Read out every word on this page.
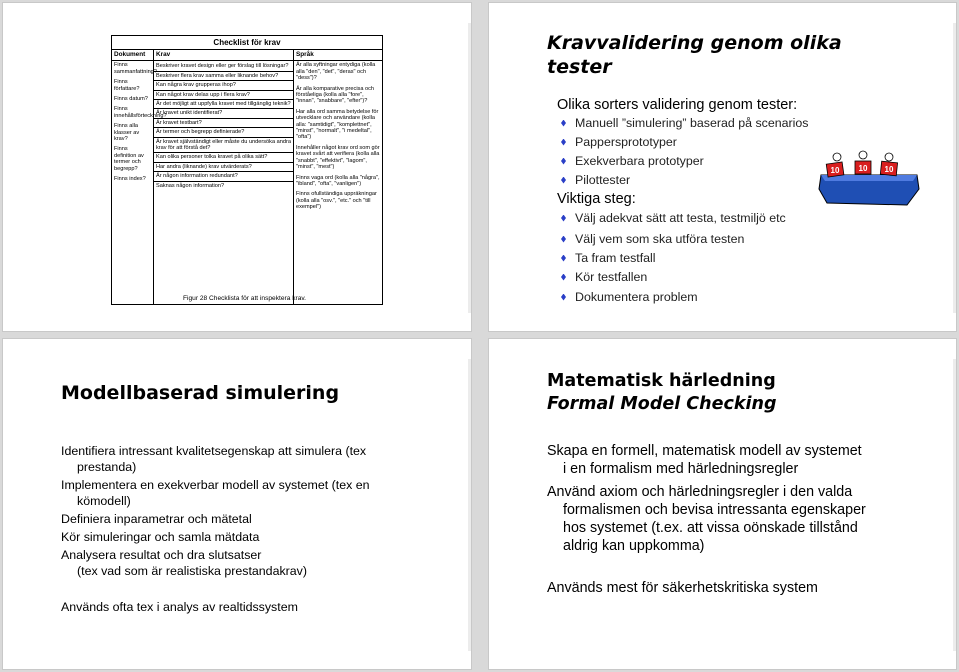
Checklist för krav
Dokument	Krav	Språk

Finns sammanfattning?

Finns författare?

Finns datum?

Finns innehållsförteckning?

Finns alla klasser av krav?

Finns definition av termer och begrepp?

Finns index?

Beskriver kravet design eller ger förslag till lösningar?
Beskriver flera krav samma eller liknande behov?
Kan några krav grupperas ihop?
Kan något krav delas upp i flera krav?
Är det möjligt att uppfylla kravet med tillgänglig teknik?
Är kravet unikt identifierat?
Är kravet testbart?
Är termer och begrepp definierade?
Är kravet självständigt eller måste du undersöka andra krav för att förstå det?
Kan olika personer tolka kravet på olika sätt?
Har andra (liknande) krav utvärderats?
Är någon information redundant?
Saknas någon information?

Är alla syftningar entydiga (kolla alla "den", "det", "deras" och "dess")?

Är alla komparative precisa och förståeliga (kolla alla "fore", "innan", "snabbare", "efter")?

Har alla ord samma betydelse för utvecklare och användare (kolla alla: "samtidigt", "komplettnet", "minst", "normalt", "i medeltal", "ofta")

Innehåller något krav ord som gör kravet svårt att verifiera (kolla alla "snabbt", "effektivt", "lagom", "minst", "mest")

Finns vaga ord (kolla alla "några", "ibland", "ofta", "vanligen")

Finns ofullständiga uppräkningar (kolla alla "osv.", "etc." och "till exempel")

Figur 28 Checklista för att inspektera krav.
Kravvalidering genom olika tester
Olika sorters validering genom tester:
Manuell ”simulering” baserad på scenarios
Pappersprototyper
Exekverbara prototyper
Pilottester
Viktiga steg:
Välj adekvat sätt att testa, testmiljö etc
Välj vem som ska utföra testen
Ta fram testfall
Kör testfallen
Dokumentera problem
10 10 10
Modellbaserad simulering
Identifiera intressant kvalitetsegenskap att simulera (tex
prestanda)
Implementera en exekverbar modell av systemet (tex en
kömodell)
Definiera inparametrar och mätetal
Kör simuleringar och samla mätdata
Analysera resultat och dra slutsatser
(tex vad som är realistiska prestandakrav)
Används ofta tex i analys av realtidssystem
Matematisk härledning
Formal Model Checking
Skapa en formell, matematisk modell av systemet
i en formalism med härledningsregler
Använd axiom och härledningsregler i den valda
formalismen och bevisa intressanta egenskaper
hos systemet (t.ex. att vissa oönskade tillstånd
aldrig kan uppkomma)
Används mest för säkerhetskritiska system
